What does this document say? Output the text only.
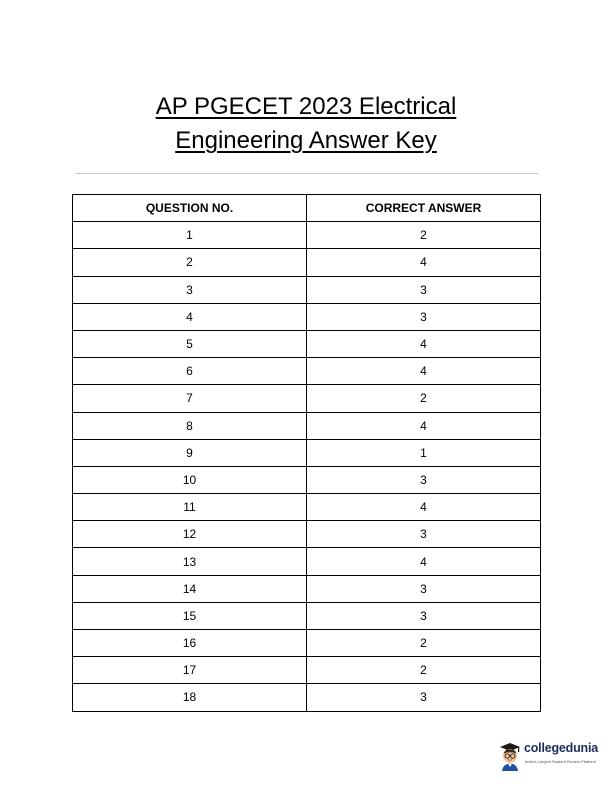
AP PGECET 2023 Electrical
Engineering Answer Key
QUESTION NO.	CORRECT ANSWER
1	2
2	4
3	3
4	3
5	4
6	4
7	2
8	4
9	1
10	3
11	4
12	3
13	4
14	3
15	3
16	2
17	2
18	3
collegedunia
India's Largest Student Review Platform
